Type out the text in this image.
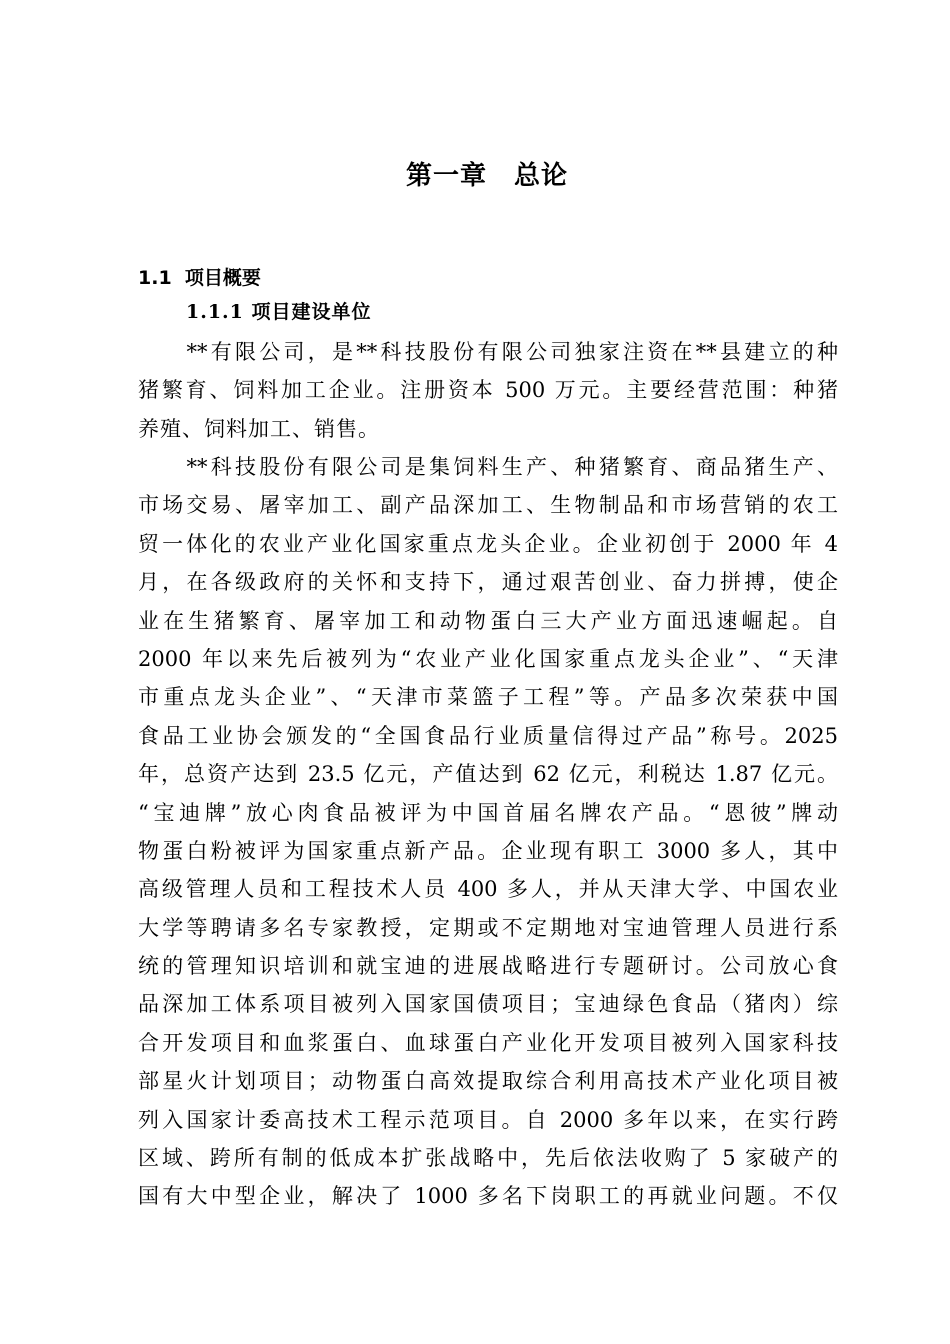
第一章　总论
1.1  项目概要
1.1.1 项目建设单位
　　**有限公司，是**科技股份有限公司独家注资在**县建立的种
猪繁育、饲料加工企业。注册资本 500 万元。主要经营范围：种猪
养殖、饲料加工、销售。
　　**科技股份有限公司是集饲料生产、种猪繁育、商品猪生产、
市场交易、屠宰加工、副产品深加工、生物制品和市场营销的农工
贸一体化的农业产业化国家重点龙头企业。企业初创于 2000 年 4
月，在各级政府的关怀和支持下，通过艰苦创业、奋力拼搏，使企
业在生猪繁育、屠宰加工和动物蛋白三大产业方面迅速崛起。自
2000 年以来先后被列为“农业产业化国家重点龙头企业”、“天津
市重点龙头企业”、“天津市菜篮子工程”等。产品多次荣获中国
食品工业协会颁发的“全国食品行业质量信得过产品”称号。2025
年，总资产达到 23.5 亿元，产值达到 62 亿元，利税达 1.87 亿元。
“宝迪牌”放心肉食品被评为中国首届名牌农产品。“恩彼”牌动
物蛋白粉被评为国家重点新产品。企业现有职工 3000 多人，其中
高级管理人员和工程技术人员 400 多人，并从天津大学、中国农业
大学等聘请多名专家教授，定期或不定期地对宝迪管理人员进行系
统的管理知识培训和就宝迪的进展战略进行专题研讨。公司放心食
品深加工体系项目被列入国家国债项目；宝迪绿色食品（猪肉）综
合开发项目和血浆蛋白、血球蛋白产业化开发项目被列入国家科技
部星火计划项目；动物蛋白高效提取综合利用高技术产业化项目被
列入国家计委高技术工程示范项目。自 2000 多年以来，在实行跨
区域、跨所有制的低成本扩张战略中，先后依法收购了 5 家破产的
国有大中型企业，解决了 1000 多名下岗职工的再就业问题。不仅
